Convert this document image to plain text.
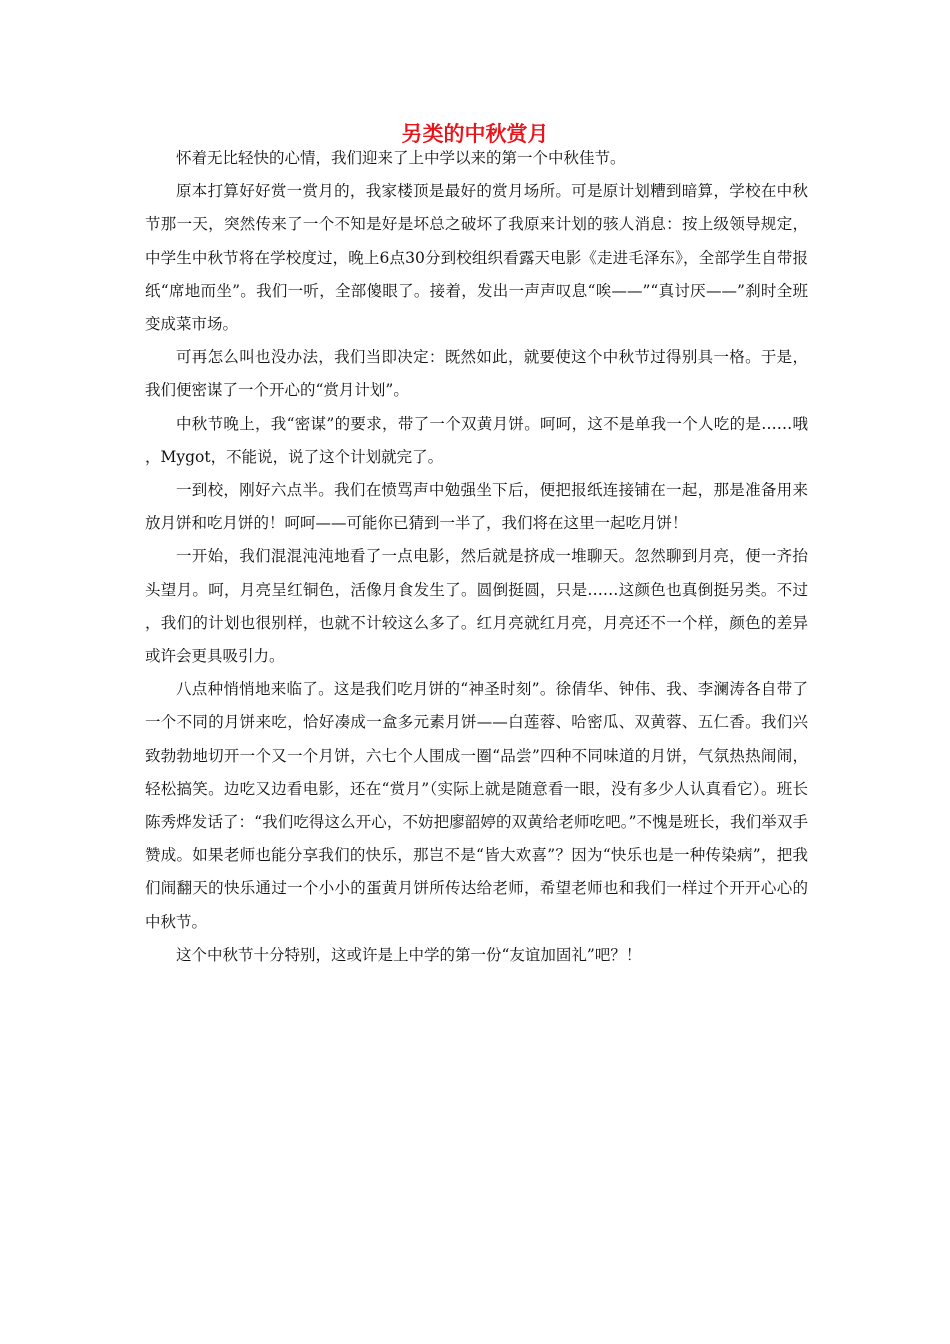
另类的中秋赏月

怀着无比轻快的心情，我们迎来了上中学以来的第一个中秋佳节。

原本打算好好赏一赏月的，我家楼顶是最好的赏月场所。可是原计划糟到暗算，学校在中秋节那一天，突然传来了一个不知是好是坏总之破坏了我原来计划的骇人消息：按上级领导规定，中学生中秋节将在学校度过，晚上6点30分到校组织看露天电影《走进毛泽东》，全部学生自带报纸“席地而坐”。我们一听，全部傻眼了。接着，发出一声声叹息“唉——”“真讨厌——”刹时全班变成菜市场。

可再怎么叫也没办法，我们当即决定：既然如此，就要使这个中秋节过得别具一格。于是，我们便密谋了一个开心的“赏月计划”。

中秋节晚上，我“密谋”的要求，带了一个双黄月饼。呵呵，这不是单我一个人吃的是……哦，Mygot，不能说，说了这个计划就完了。

一到校，刚好六点半。我们在愤骂声中勉强坐下后，便把报纸连接铺在一起，那是准备用来放月饼和吃月饼的！呵呵——可能你已猜到一半了，我们将在这里一起吃月饼！

一开始，我们混混沌沌地看了一点电影，然后就是挤成一堆聊天。忽然聊到月亮，便一齐抬头望月。呵，月亮呈红铜色，活像月食发生了。圆倒挺圆，只是……这颜色也真倒挺另类。不过，我们的计划也很别样，也就不计较这么多了。红月亮就红月亮，月亮还不一个样，颜色的差异或许会更具吸引力。

八点种悄悄地来临了。这是我们吃月饼的“神圣时刻”。徐倩华、钟伟、我、李澜涛各自带了一个不同的月饼来吃，恰好凑成一盒多元素月饼——白莲蓉、哈密瓜、双黄蓉、五仁香。我们兴致勃勃地切开一个又一个月饼，六七个人围成一圈“品尝”四种不同味道的月饼，气氛热热闹闹，轻松搞笑。边吃又边看电影，还在“赏月”（实际上就是随意看一眼，没有多少人认真看它）。班长陈秀烨发话了：“我们吃得这么开心，不妨把廖韶婷的双黄给老师吃吧。”不愧是班长，我们举双手赞成。如果老师也能分享我们的快乐，那岂不是“皆大欢喜”？因为“快乐也是一种传染病”，把我们闹翻天的快乐通过一个小小的蛋黄月饼所传达给老师，希望老师也和我们一样过个开开心心的中秋节。

这个中秋节十分特别，这或许是上中学的第一份“友谊加固礼”吧？！
